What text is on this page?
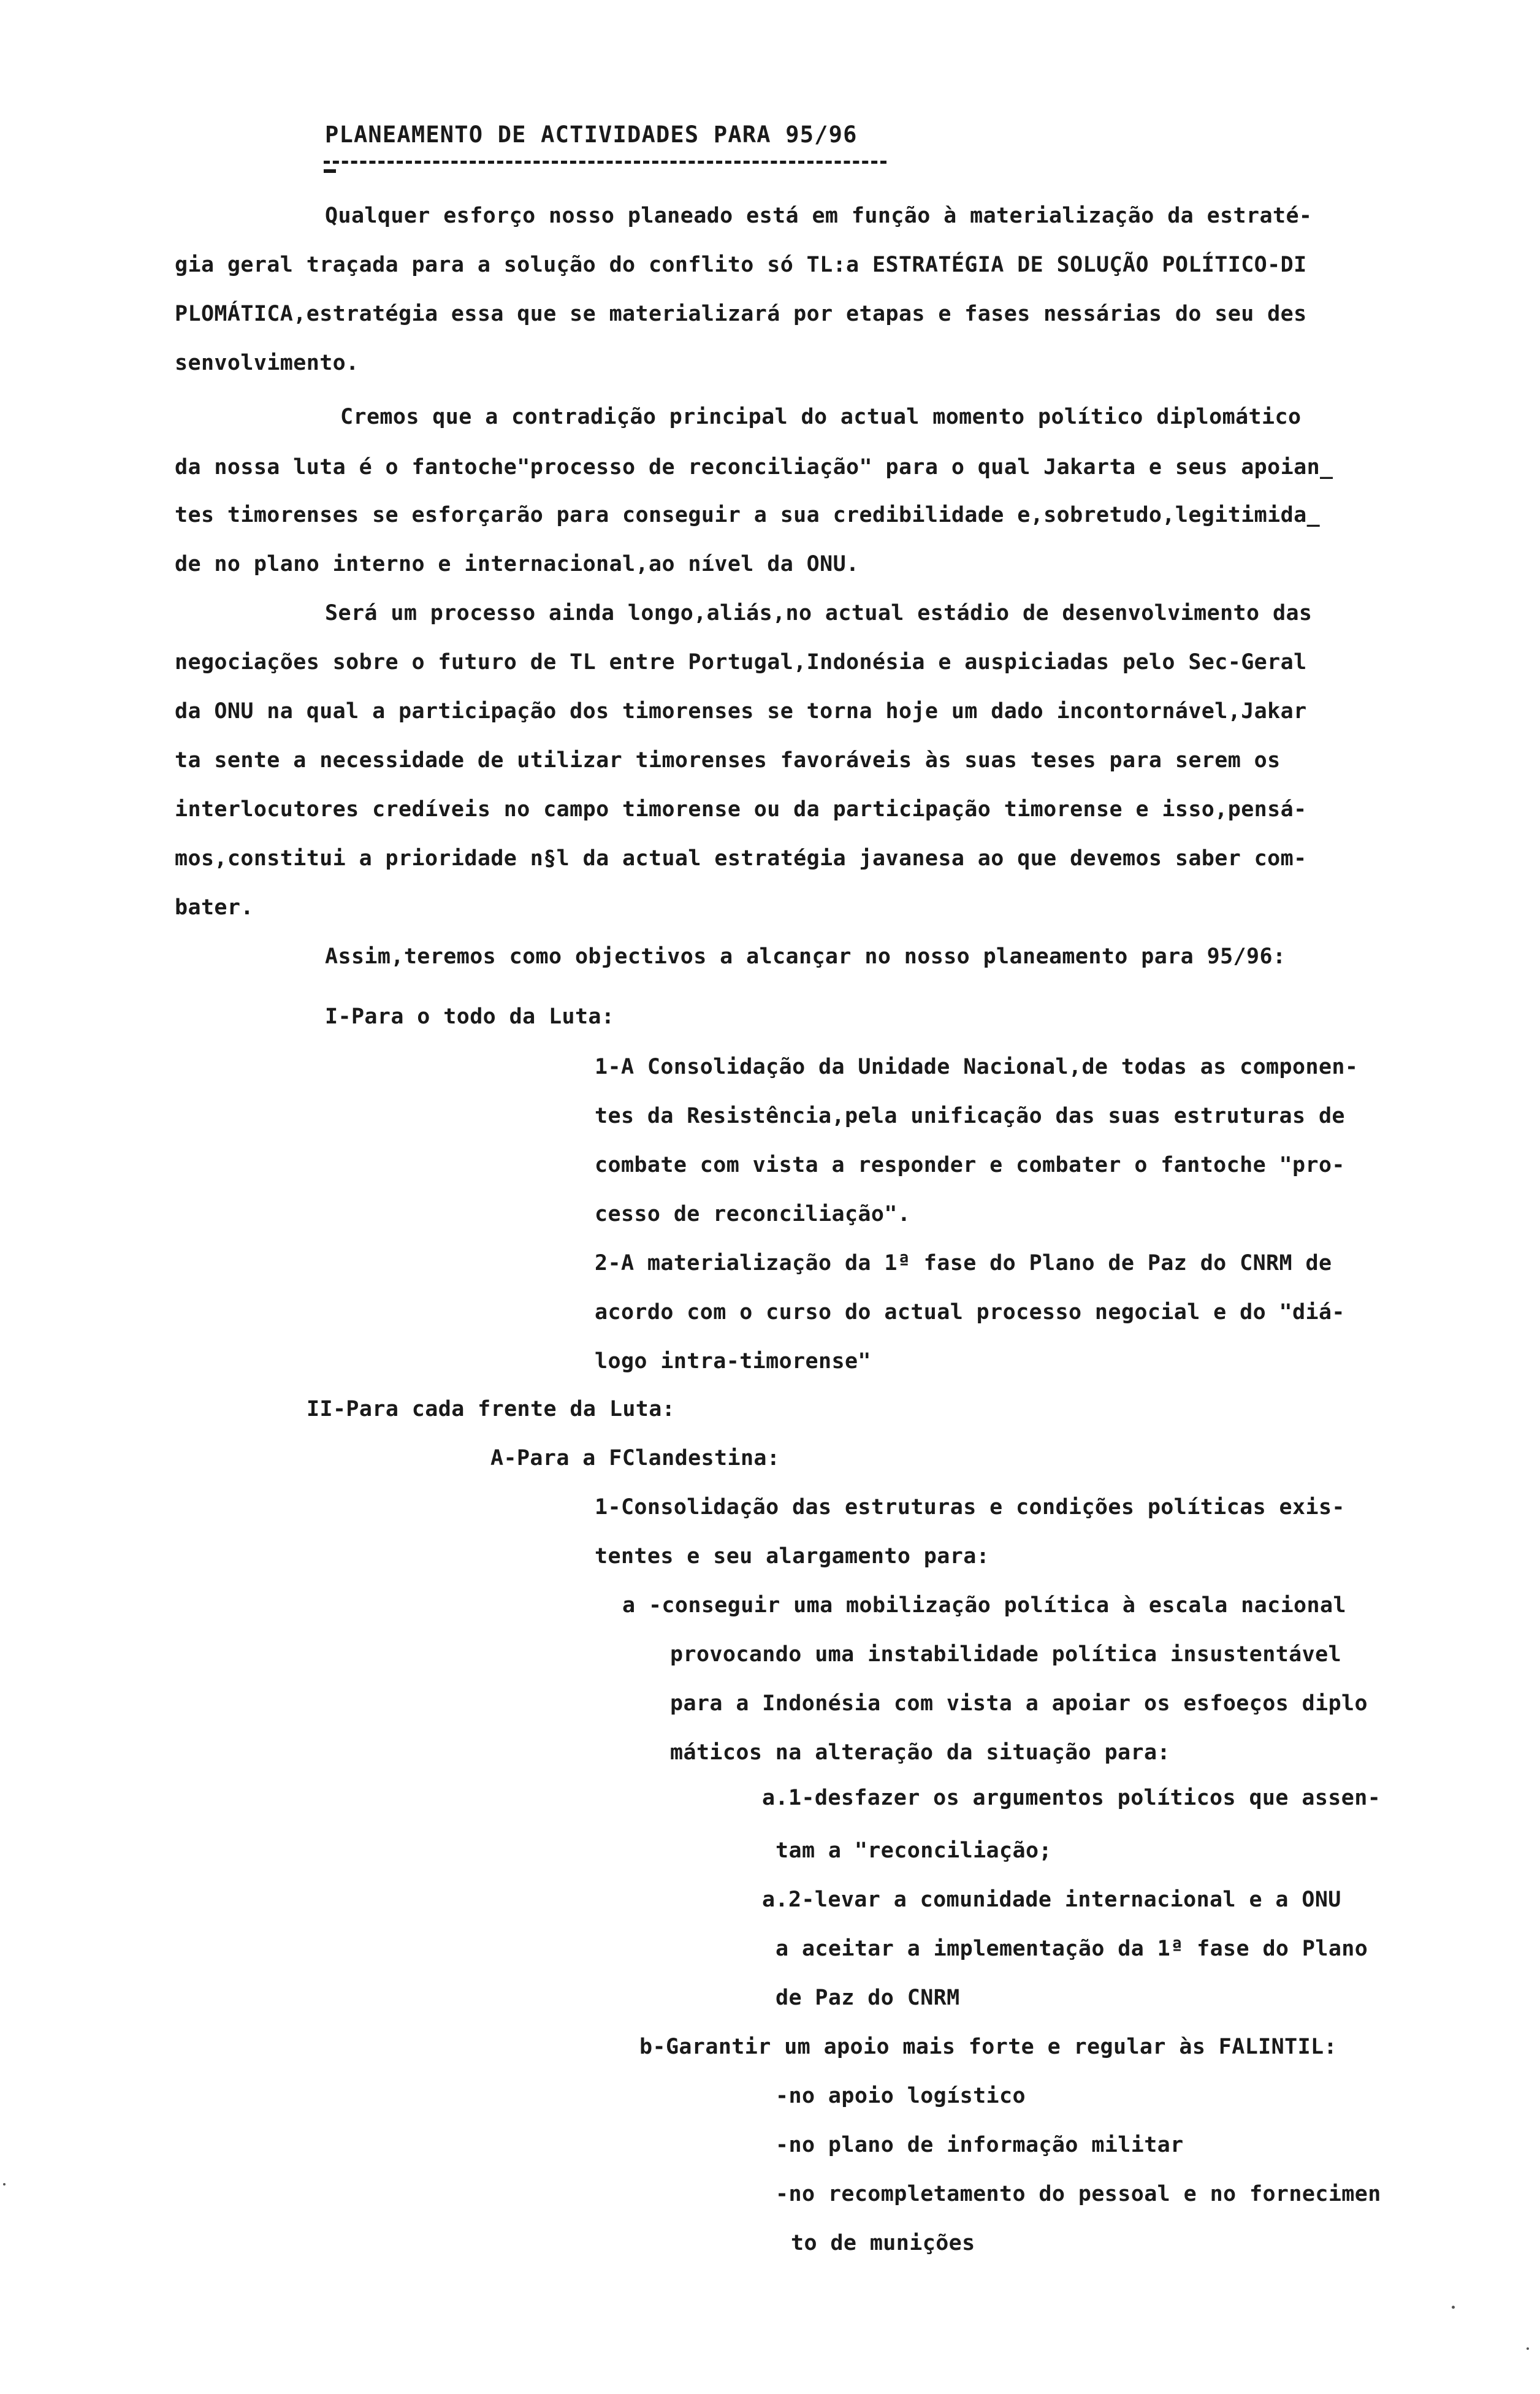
PLANEAMENTO DE ACTIVIDADES PARA 95/96
Qualquer esforço nosso planeado está em função à materialização da estraté-
gia geral traçada para a solução do conflito só TL:a ESTRATÉGIA DE SOLUÇÃO POLÍTICO-DI
PLOMÁTICA,estratégia essa que se materializará por etapas e fases nessárias do seu des
senvolvimento.
Cremos que a contradição principal do actual momento político diplomático
da nossa luta é o fantoche"processo de reconciliação" para o qual Jakarta e seus apoian_
tes timorenses se esforçarão para conseguir a sua credibilidade e,sobretudo,legitimida_
de no plano interno e internacional,ao nível da ONU.
Será um processo ainda longo,aliás,no actual estádio de desenvolvimento das
negociações sobre o futuro de TL entre Portugal,Indonésia e auspiciadas pelo Sec-Geral
da ONU na qual a participação dos timorenses se torna hoje um dado incontornável,Jakar
ta sente a necessidade de utilizar timorenses favoráveis às suas teses para serem os
interlocutores credíveis no campo timorense ou da participação timorense e isso,pensá-
mos,constitui a prioridade n§l da actual estratégia javanesa ao que devemos saber com-
bater.
Assim,teremos como objectivos a alcançar no nosso planeamento para 95/96:
I-Para o todo da Luta:
1-A Consolidação da Unidade Nacional,de todas as componen-
tes da Resistência,pela unificação das suas estruturas de
combate com vista a responder e combater o fantoche "pro-
cesso de reconciliação".
2-A materialização da 1ª fase do Plano de Paz do CNRM de
acordo com o curso do actual processo negocial e do "diá-
logo intra-timorense"
II-Para cada frente da Luta:
A-Para a FClandestina:
1-Consolidação das estruturas e condições políticas exis-
tentes e seu alargamento para:
a -conseguir uma mobilização política à escala nacional
provocando uma instabilidade política insustentável
para a Indonésia com vista a apoiar os esfoeços diplo
máticos na alteração da situação para:
a.1-desfazer os argumentos políticos que assen-
tam a "reconciliação;
a.2-levar a comunidade internacional e a ONU
a aceitar a implementação da 1ª fase do Plano
de Paz do CNRM
b-Garantir um apoio mais forte e regular às FALINTIL:
-no apoio logístico
-no plano de informação militar
-no recompletamento do pessoal e no fornecimen
to de munições
